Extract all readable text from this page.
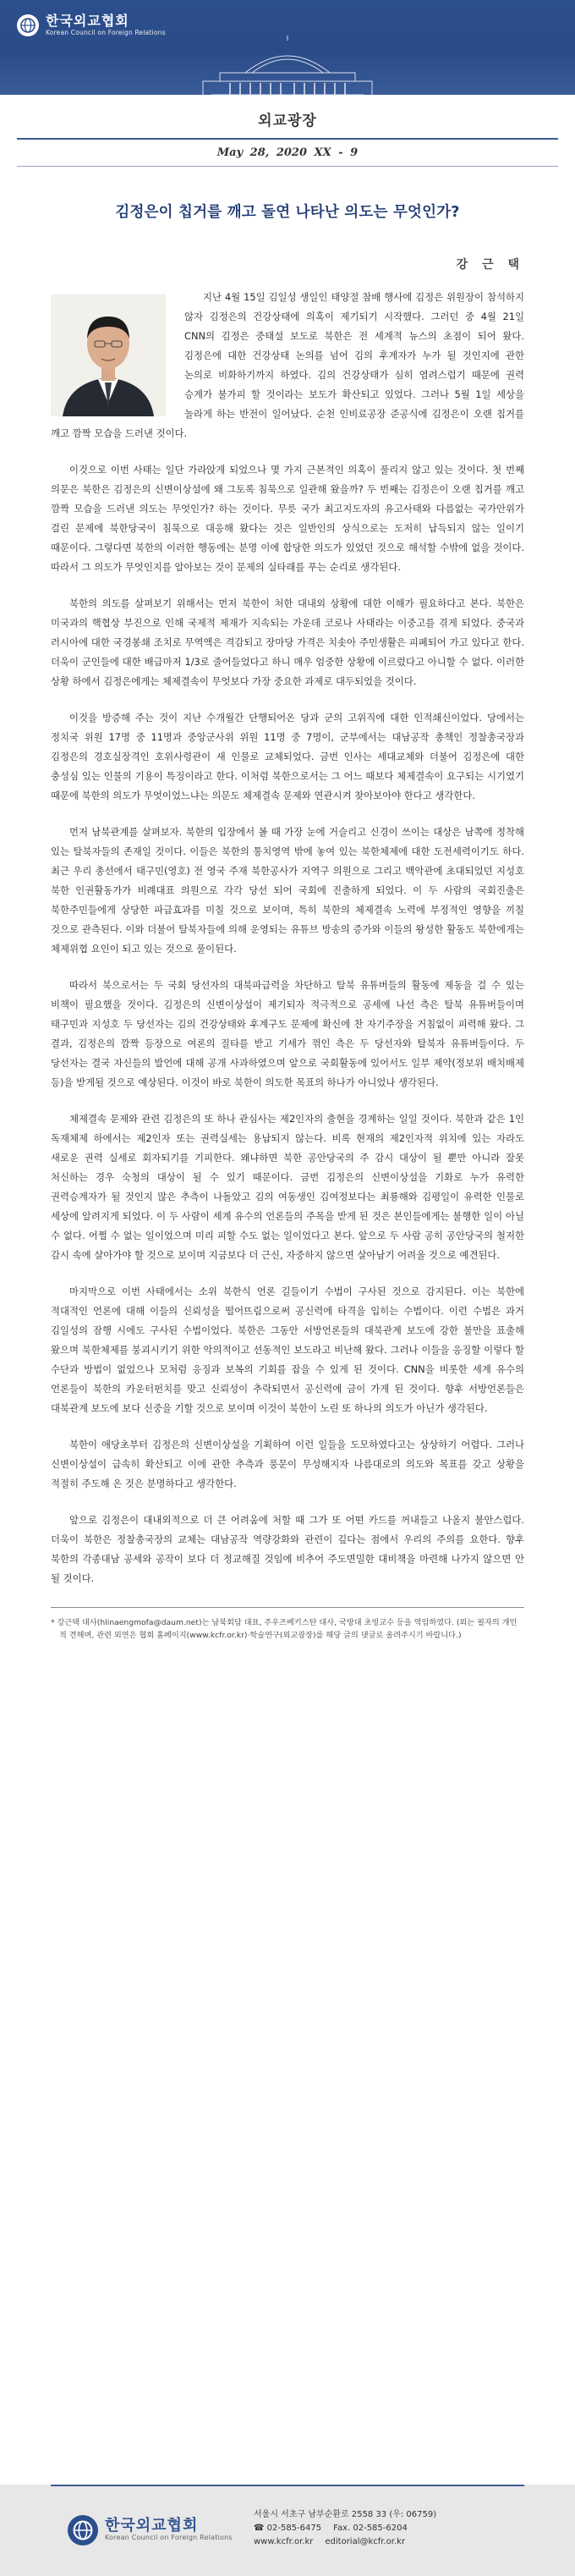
한국외교협회
Korean Council on Foreign Relations
외교광장
May 28, 2020 XX - 9
김정은이 칩거를 깨고 돌연 나타난 의도는 무엇인가?
강 근 택

지난 4월 15일 김일성 생일인 태양절 참배 행사에 김정은 위원장이 참석하지 않자 김정은의 건강상태에 의혹이 제기되기 시작했다. 그러던 중 4월 21일 CNN의 김정은 중태설 보도로 북한은 전 세계적 뉴스의 초점이 되어 왔다. 김정은에 대한 건강상태 논의를 넘어 김의 후계자가 누가 될 것인지에 관한 논의로 비화하기까지 하였다. 김의 건강상태가 심히 염려스럽기 때문에 권력 승계가 불가피 할 것이라는 보도가 확산되고 있었다. 그러나 5월 1일 세상을 놀라게 하는 반전이 일어났다. 순천 인비료공장 준공식에 김정은이 오랜 칩거를 깨고 깜짝 모습을 드러낸 것이다.

이것으로 이번 사태는 일단 가라앉게 되었으나 몇 가지 근본적인 의혹이 풀리지 않고 있는 것이다. 첫 번째 의문은 북한은 김정은의 신변이상설에 왜 그토록 침묵으로 일관해 왔을까? 두 번째는 김정은이 오랜 칩거를 깨고 깜짝 모습을 드러낸 의도는 무엇인가? 하는 것이다. 무릇 국가 최고지도자의 유고사태와 다름없는 국가안위가 걸린 문제에 북한당국이 침묵으로 대응해 왔다는 것은 일반인의 상식으로는 도저히 납득되지 않는 일이기 때문이다. 그렇다면 북한의 이러한 행동에는 분명 이에 합당한 의도가 있었던 것으로 해석할 수밖에 없을 것이다. 따라서 그 의도가 무엇인지를 알아보는 것이 문제의 실타래를 푸는 순리로 생각된다.

북한의 의도를 살펴보기 위해서는 먼저 북한이 처한 대내외 상황에 대한 이해가 필요하다고 본다. 북한은 미국과의 핵협상 부진으로 인해 국제적 제재가 지속되는 가운데 코로나 사태라는 이중고를 겪게 되었다. 중국과 러시아에 대한 국경봉쇄 조치로 무역액은 격감되고 장마당 가격은 치솟아 주민생활은 피폐되어 가고 있다고 한다. 더욱이 군인들에 대한 배급마저 1/3로 줄어들었다고 하니 매우 엄중한 상황에 이르렀다고 아니할 수 없다. 이러한 상황 하에서 김정은에게는 체제결속이 무엇보다 가장 중요한 과제로 대두되었을 것이다.

이것을 방증해 주는 것이 지난 수개월간 단행되어온 당과 군의 고위직에 대한 인적쇄신이었다. 당에서는 정치국 위원 17명 중 11명과 중앙군사위 위원 11명 중 7명이, 군부에서는 대남공작 총책인 정찰총국장과 김정은의 경호실장격인 호위사령관이 새 인물로 교체되었다. 금번 인사는 세대교체와 더불어 김정은에 대한 충성심 있는 인물의 기용이 특징이라고 한다. 이처럼 북한으로서는 그 어느 때보다 체제결속이 요구되는 시기였기 때문에 북한의 의도가 무엇이었느냐는 의문도 체제결속 문제와 연관시켜 찾아보아야 한다고 생각한다.

먼저 남북관계를 살펴보자. 북한의 입장에서 볼 때 가장 눈에 거슬리고 신경이 쓰이는 대상은 남쪽에 정착해 있는 탈북자들의 존재일 것이다. 이들은 북한의 통치영역 밖에 놓여 있는 북한체제에 대한 도전세력이기도 하다. 최근 우리 총선에서 태구민(영호) 전 영국 주재 북한공사가 지역구 의원으로 그리고 백악관에 초대되었던 지성호 북한 인권활동가가 비례대표 의원으로 각각 당선 되어 국회에 진출하게 되었다. 이 두 사람의 국회진출은 북한주민들에게 상당한 파급효과를 미칠 것으로 보이며, 특히 북한의 체제결속 노력에 부정적인 영향을 끼칠 것으로 관측된다. 이와 더불어 탈북자들에 의해 운영되는 유튜브 방송의 증가와 이들의 왕성한 활동도 북한에게는 체제위협 요인이 되고 있는 것으로 풀이된다.

따라서 북으로서는 두 국회 당선자의 대북파급력을 차단하고 탈북 유튜버들의 활동에 제동을 걸 수 있는 비책이 필요했을 것이다. 김정은의 신변이상설이 제기되자 적극적으로 공세에 나선 측은 탈북 유튜버들이며 태구민과 지성호 두 당선자는 김의 건강상태와 후계구도 문제에 확신에 찬 자기주장을 거침없이 피력해 왔다. 그 결과, 김정은의 깜짝 등장으로 여론의 질타를 받고 기세가 꺾인 측은 두 당선자와 탈북자 유튜버들이다. 두 당선자는 결국 자신들의 발언에 대해 공개 사과하였으며 앞으로 국회활동에 있어서도 일부 제약(정보위 배치배제 등)을 받게될 것으로 예상된다. 이것이 바로 북한이 의도한 목표의 하나가 아니었나 생각된다.

체제결속 문제와 관련 김정은의 또 하나 관심사는 제2인자의 출현을 경계하는 일일 것이다. 북한과 같은 1인 독재체제 하에서는 제2인자 또는 권력실세는 용납되지 않는다. 비록 현재의 제2인자적 위치에 있는 자라도 새로운 권력 실세로 회자되기를 기피한다. 왜냐하면 북한 공안당국의 주 감시 대상이 될 뿐만 아니라 잘못 처신하는 경우 숙청의 대상이 될 수 있기 때문이다. 금번 김정은의 신변이상설을 기화로 누가 유력한 권력승계자가 될 것인지 많은 추측이 나돌았고 김의 여동생인 김여정보다는 최룡해와 김평일이 유력한 인물로 세상에 알려지게 되었다. 이 두 사람이 세계 유수의 언론들의 주목을 받게 된 것은 본인들에게는 불행한 일이 아닐 수 없다. 어쩔 수 없는 일이었으며 미리 피할 수도 없는 일이었다고 본다. 앞으로 두 사람 공히 공안당국의 철저한 감시 속에 살아가야 할 것으로 보이며 지금보다 더 근신, 자중하지 않으면 살아남기 어려울 것으로 예견된다.

마지막으로 이번 사태에서는 소위 북한식 언론 길들이기 수법이 구사된 것으로 감지된다. 이는 북한에 적대적인 언론에 대해 이들의 신뢰성을 떨어뜨림으로써 공신력에 타격을 입히는 수법이다. 이런 수법은 과거 김일성의 잠행 시에도 구사된 수법이었다. 북한은 그동안 서방언론들의 대북관계 보도에 강한 불만을 표출해 왔으며 북한체제를 붕괴시키기 위한 악의적이고 선동적인 보도라고 비난해 왔다. 그러나 이들을 응징할 이렇다 할 수단과 방법이 없었으나 모처럼 응징과 보복의 기회를 잡을 수 있게 된 것이다. CNN을 비롯한 세계 유수의 언론들이 북한의 카운터펀치를 맞고 신뢰성이 추락되면서 공신력에 금이 가게 된 것이다. 향후 서방언론들은 대북관계 보도에 보다 신중을 기할 것으로 보이며 이것이 북한이 노린 또 하나의 의도가 아닌가 생각된다.

북한이 애당초부터 김정은의 신변이상설을 기획하여 이런 일들을 도모하였다고는 상상하기 어렵다. 그러나 신변이상설이 급속히 확산되고 이에 관한 추측과 풍문이 무성해지자 나름대로의 의도와 목표를 갖고 상황을 적절히 주도해 온 것은 분명하다고 생각한다.

앞으로 김정은이 대내외적으로 더 큰 어려움에 처할 때 그가 또 어떤 카드를 꺼내들고 나올지 불안스럽다. 더욱이 북한은 정찰총국장의 교체는 대남공작 역량강화와 관련이 깊다는 점에서 우리의 주의를 요한다. 향후 북한의 각종대남 공세와 공작이 보다 더 정교해질 것임에 비추어 주도면밀한 대비책을 마련해 나가지 않으면 안 될 것이다.

* 강근택 대사(hlinaengmofa@daum.net)는 남북회담 대표, 주우즈베키스탄 대사, 국방대 초빙교수 등을 역임하였다. (외는 필자의 개인적 견해며, 관련 외연은 협회 홈페이지(www.kcfr.or.kr)·학술연구(외교광장)를 해당 글의 댓글로 올려주시기 바랍니다.)

한국외교협회
Korean Council on Foreign Relations
서울시 서초구 남부순환로 2558 33 (우: 06759)
☎ 02-585-6475 Fax. 02-585-6204
www.kcfr.or.kr editorial@kcfr.or.kr
